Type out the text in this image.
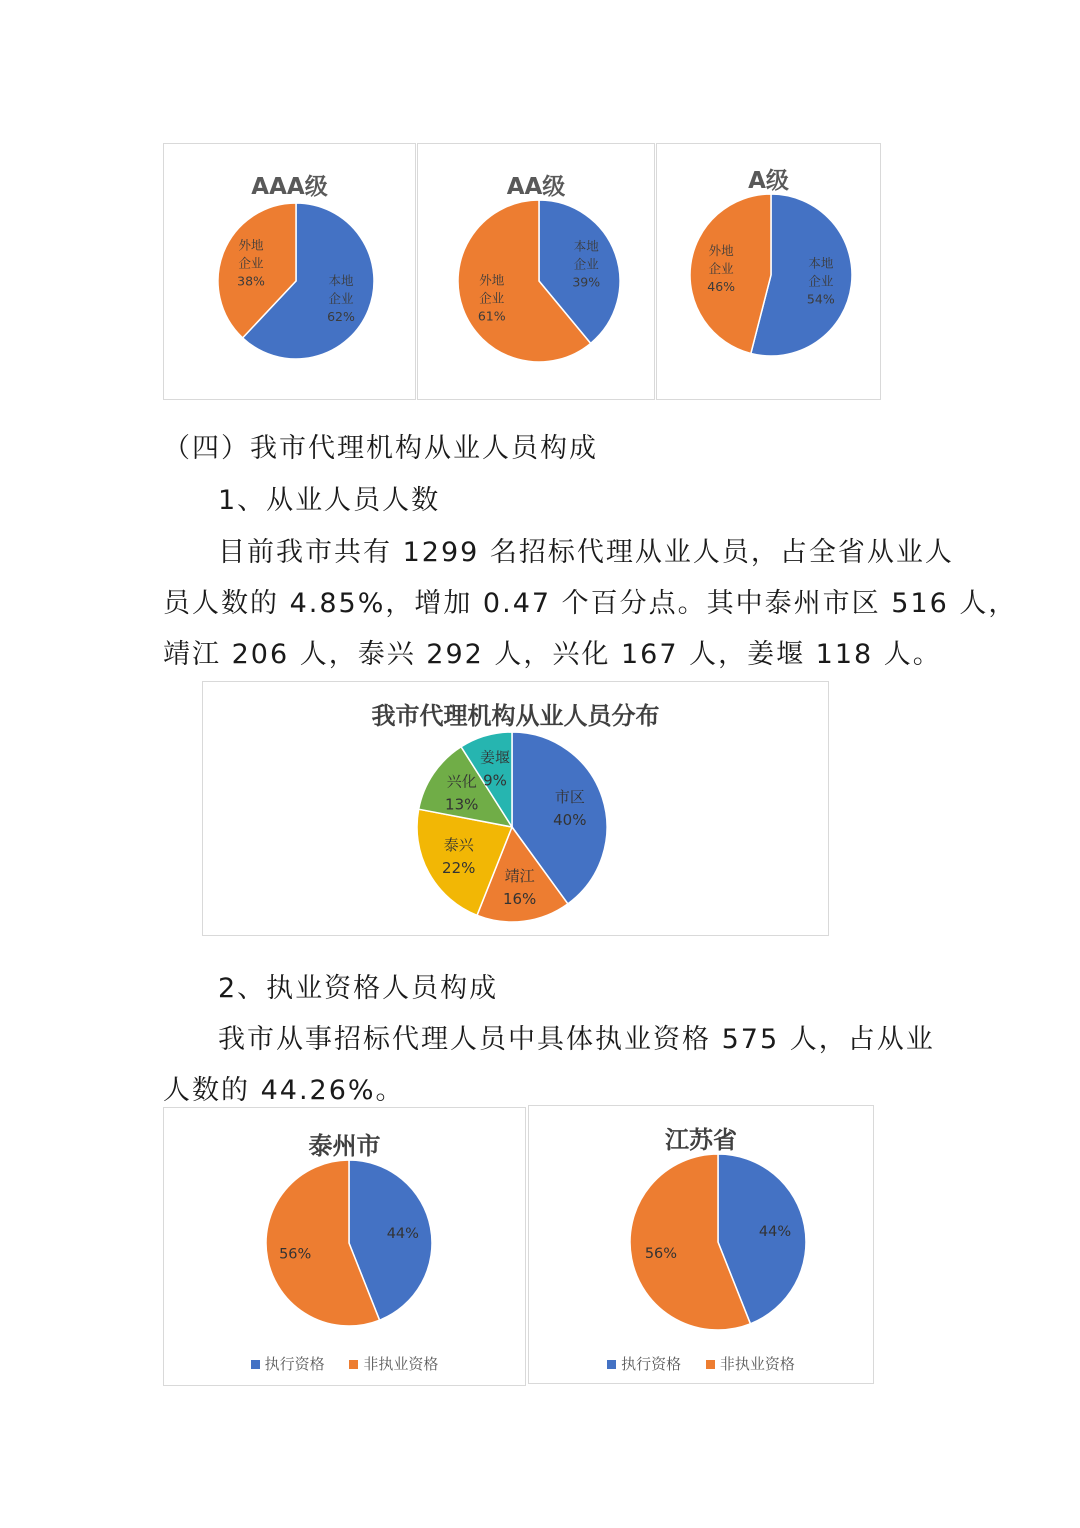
本地企业 62%
外地企业 38%
AAA级
本地企业 39%
外地企业 61%
AA级
本地企业 54%
外地企业 46%
A级
（四）我市代理机构从业人员构成
1、从业人员人数
目前我市共有 1299 名招标代理从业人员，占全省从业人
员人数的 4.85%，增加 0.47 个百分点。其中泰州市区 516 人，
靖江 206 人，泰兴 292 人，兴化 167 人，姜堰 118 人。
市区 40%
靖江 16%
泰兴 22%
兴化 13%
姜堰 9%
我市代理机构从业人员分布
2、执业资格人员构成
我市从事招标代理人员中具体执业资格 575 人，占从业
人数的 44.26%。
44%
56%
泰州市
执行资格	非执业资格
44%
56%
江苏省
执行资格	非执业资格
